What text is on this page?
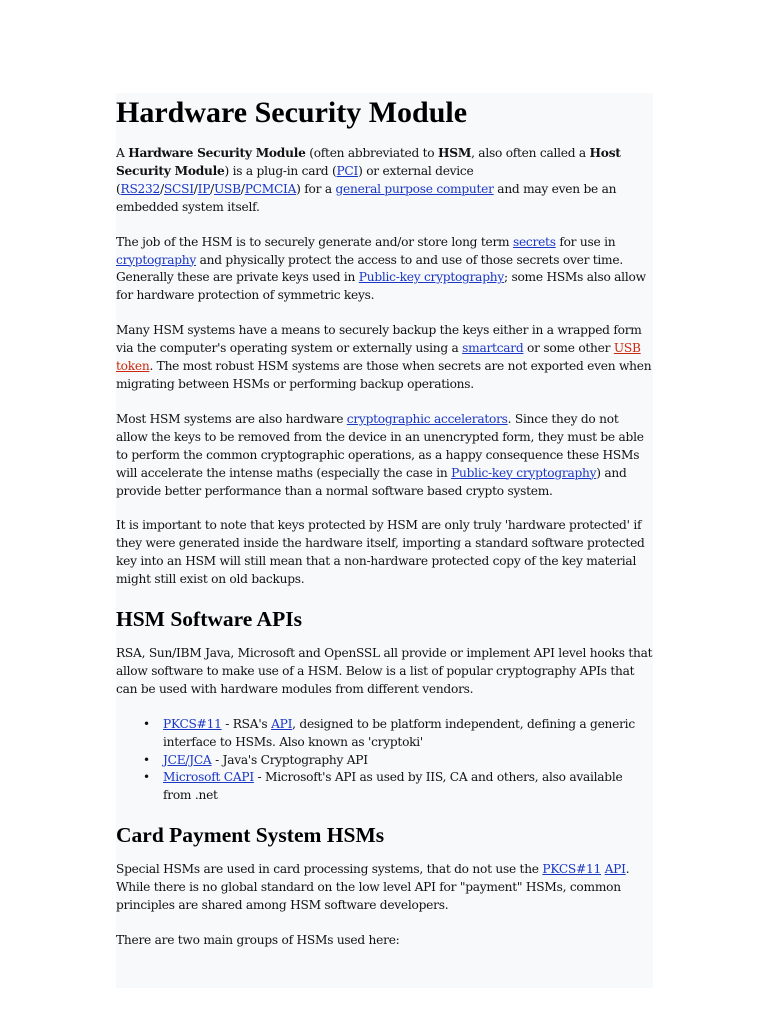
Hardware Security Module

A Hardware Security Module (often abbreviated to HSM, also often called a Host Security Module) is a plug-in card (PCI) or external device (RS232/SCSI/IP/USB/PCMCIA) for a general purpose computer and may even be an embedded system itself.

The job of the HSM is to securely generate and/or store long term secrets for use in cryptography and physically protect the access to and use of those secrets over time. Generally these are private keys used in Public-key cryptography; some HSMs also allow for hardware protection of symmetric keys.

Many HSM systems have a means to securely backup the keys either in a wrapped form via the computer's operating system or externally using a smartcard or some other USB token. The most robust HSM systems are those when secrets are not exported even when migrating between HSMs or performing backup operations.

Most HSM systems are also hardware cryptographic accelerators. Since they do not allow the keys to be removed from the device in an unencrypted form, they must be able to perform the common cryptographic operations, as a happy consequence these HSMs will accelerate the intense maths (especially the case in Public-key cryptography) and provide better performance than a normal software based crypto system.

It is important to note that keys protected by HSM are only truly 'hardware protected' if they were generated inside the hardware itself, importing a standard software protected key into an HSM will still mean that a non-hardware protected copy of the key material might still exist on old backups.

HSM Software APIs

RSA, Sun/IBM Java, Microsoft and OpenSSL all provide or implement API level hooks that allow software to make use of a HSM. Below is a list of popular cryptography APIs that can be used with hardware modules from different vendors.

• PKCS#11 - RSA's API, designed to be platform independent, defining a generic interface to HSMs. Also known as 'cryptoki'
• JCE/JCA - Java's Cryptography API
• Microsoft CAPI - Microsoft's API as used by IIS, CA and others, also available from .net
Card Payment System HSMs

Special HSMs are used in card processing systems, that do not use the PKCS#11 API. While there is no global standard on the low level API for "payment" HSMs, common principles are shared among HSM software developers.

There are two main groups of HSMs used here:
